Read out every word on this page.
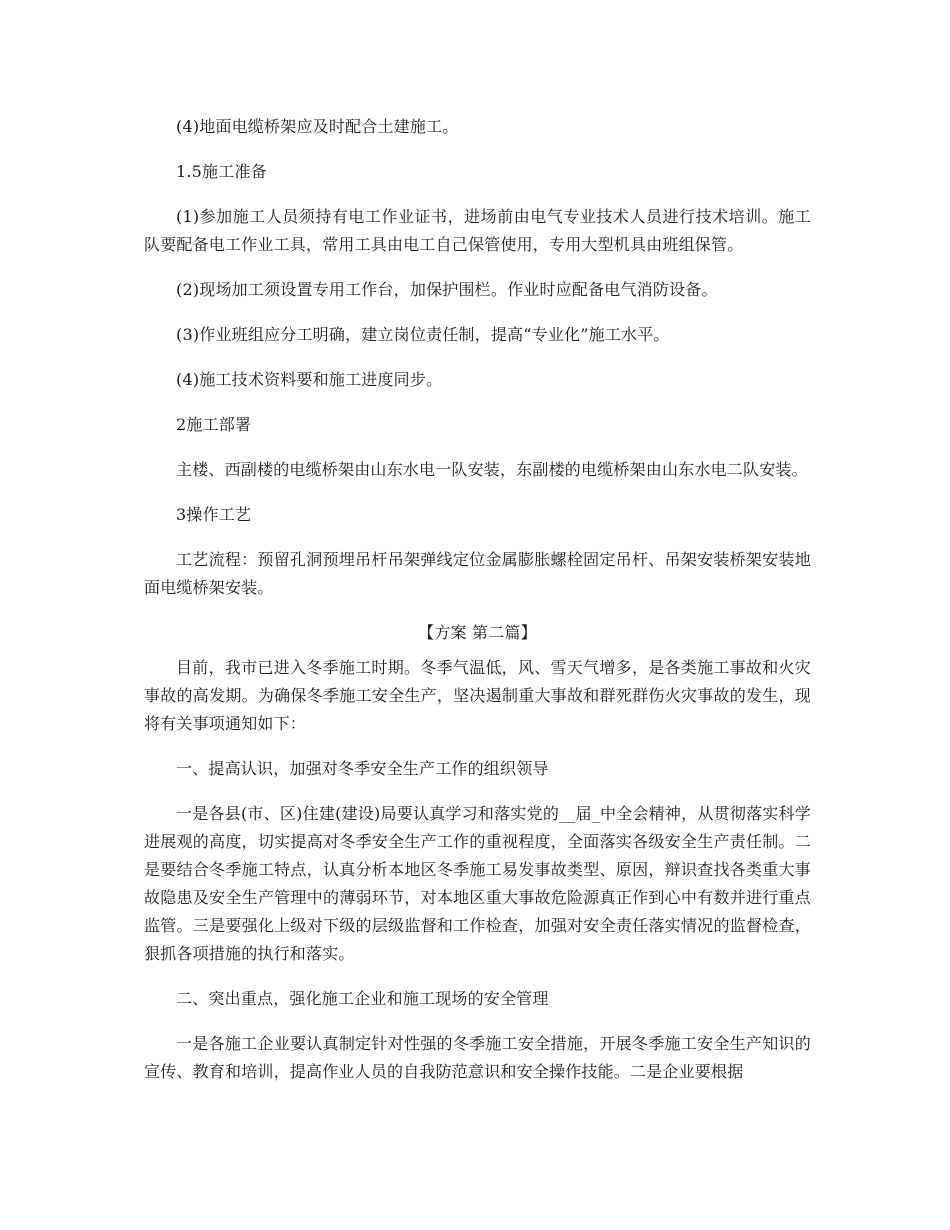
(4)地面电缆桥架应及时配合土建施工。

1.5施工准备

(1)参加施工人员须持有电工作业证书，进场前由电气专业技术人员进行技术培训。施工队要配备电工作业工具，常用工具由电工自己保管使用，专用大型机具由班组保管。

(2)现场加工须设置专用工作台，加保护围栏。作业时应配备电气消防设备。

(3)作业班组应分工明确，建立岗位责任制，提高“专业化”施工水平。

(4)施工技术资料要和施工进度同步。

2施工部署

主楼、西副楼的电缆桥架由山东水电一队安装，东副楼的电缆桥架由山东水电二队安装。

3操作工艺

工艺流程：预留孔洞预埋吊杆吊架弹线定位金属膨胀螺栓固定吊杆、吊架安装桥架安装地面电缆桥架安装。

【方案 第二篇】

目前，我市已进入冬季施工时期。冬季气温低，风、雪天气增多，是各类施工事故和火灾事故的高发期。为确保冬季施工安全生产，坚决遏制重大事故和群死群伤火灾事故的发生，现将有关事项通知如下：

一、提高认识，加强对冬季安全生产工作的组织领导

一是各县(市、区)住建(建设)局要认真学习和落实党的__届_中全会精神，从贯彻落实科学进展观的高度，切实提高对冬季安全生产工作的重视程度，全面落实各级安全生产责任制。二是要结合冬季施工特点，认真分析本地区冬季施工易发事故类型、原因，辩识查找各类重大事故隐患及安全生产管理中的薄弱环节，对本地区重大事故危险源真正作到心中有数并进行重点监管。三是要强化上级对下级的层级监督和工作检查，加强对安全责任落实情况的监督检查，狠抓各项措施的执行和落实。

二、突出重点，强化施工企业和施工现场的安全管理

一是各施工企业要认真制定针对性强的冬季施工安全措施，开展冬季施工安全生产知识的宣传、教育和培训，提高作业人员的自我防范意识和安全操作技能。二是企业要根据
